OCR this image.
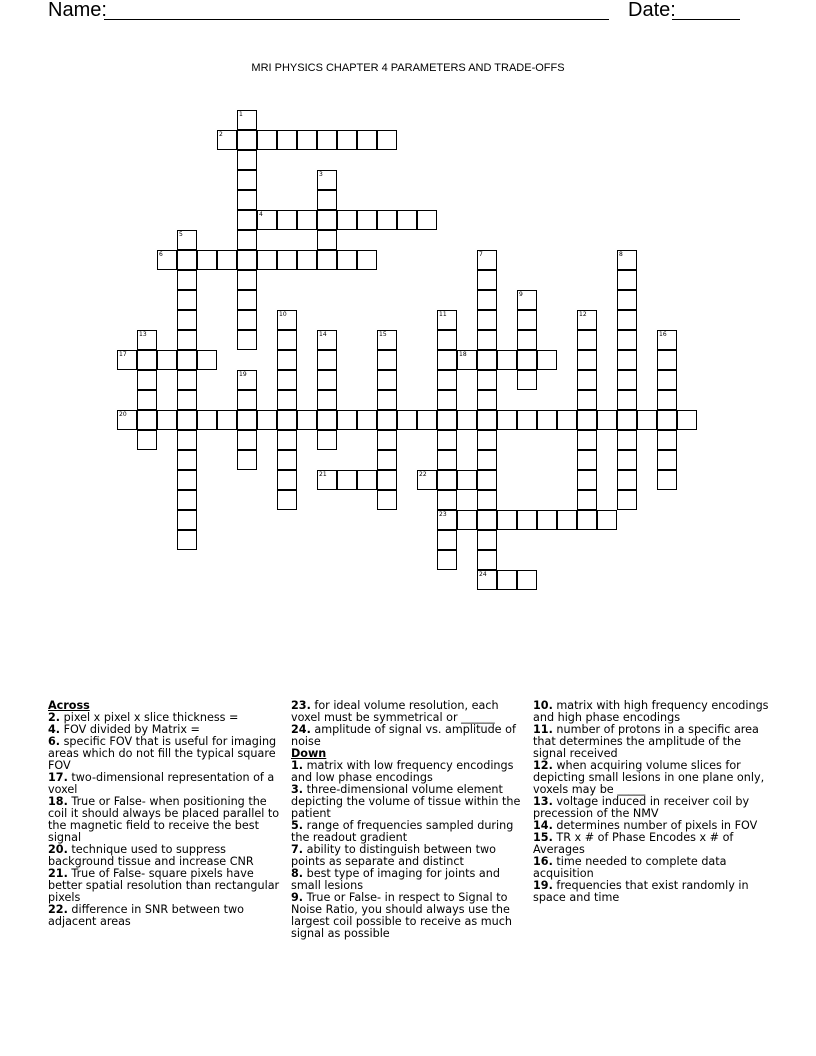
Name:	Date:
MRI PHYSICS CHAPTER 4 PARAMETERS AND TRADE-OFFS
1
2
3
4
5
6	7	8
9
10	11	12
13	14	15	16
17	18
19
20
21	22
23
24

Across

2. pixel x pixel x slice thickness =

4. FOV divided by Matrix =

6. specific FOV that is useful for imaging areas which do not fill the typical square FOV

17. two-dimensional representation of a voxel

18. True or False- when positioning the coil it should always be placed parallel to the magnetic field to receive the best signal

20. technique used to suppress background tissue and increase CNR

21. True of False- square pixels have better spatial resolution than rectangular pixels

22. difference in SNR between two adjacent areas

23. for ideal volume resolution, each voxel must be symmetrical or ______

24. amplitude of signal vs. amplitude of noise

Down

1. matrix with low frequency encodings and low phase encodings

3. three-dimensional volume element depicting the volume of tissue within the patient

5. range of frequencies sampled during the readout gradient

7. ability to distinguish between two points as separate and distinct

8. best type of imaging for joints and small lesions

9. True or False- in respect to Signal to Noise Ratio, you should always use the largest coil possible to receive as much signal as possible

10. matrix with high frequency encodings and high phase encodings

11. number of protons in a specific area that determines the amplitude of the signal received

12. when acquiring volume slices for depicting small lesions in one plane only, voxels may be _____

13. voltage induced in receiver coil by precession of the NMV

14. determines number of pixels in FOV

15. TR x # of Phase Encodes x # of Averages

16. time needed to complete data acquisition

19. frequencies that exist randomly in space and time
